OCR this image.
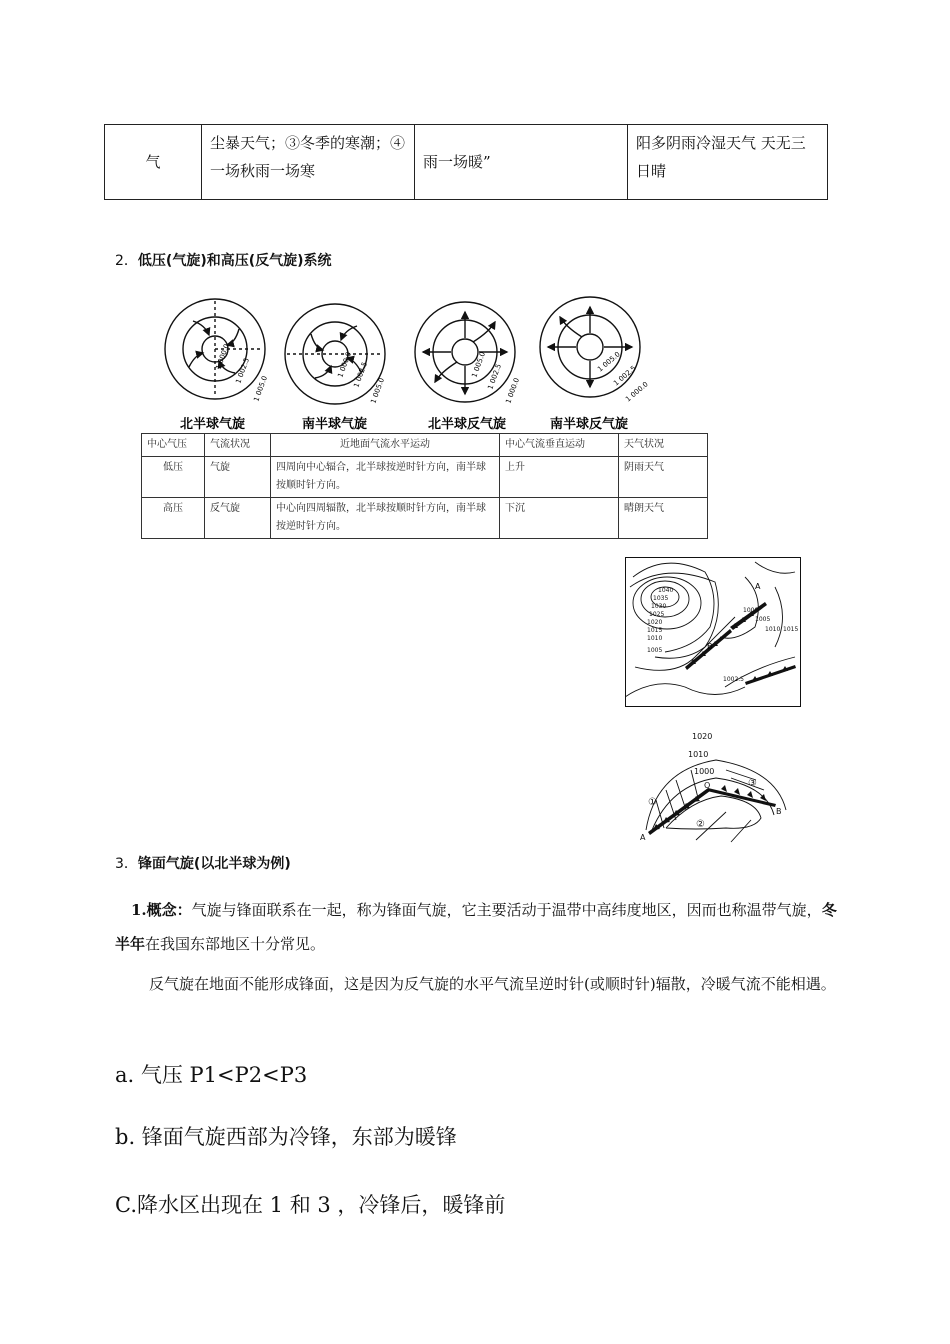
气	尘暴天气；③冬季的寒潮；④一场秋雨一场寒	雨一场暖”	阳多阴雨冷湿天气 天无三日晴
2．低压(气旋)和高压(反气旋)系统
1 000.0
1 002.5
1 005.0
1 000.0 1 002.5
1 005.0
1 005.0 1 002.5
1 000.0
1 005.0
1 002.5
1 000.0
北半球气旋	南半球气旋	北半球反气旋	南半球反气旋
中心气压	气流状况	近地面气流水平运动	中心气流垂直运动	天气状况
低压	气旋	四周向中心辐合，北半球按逆时针方向，南半球按顺时针方向。	上升	阴雨天气
高压	反气旋	中心向四周辐散，北半球按顺时针方向，南半球按逆时针方向。	下沉	晴朗天气
1040
1035
1030
1025
1020
1015
1010
1005
1000
1005
1010 1015
1002.5
A
B
1020
1010
1000
①
②
③
O
A
B
3．锋面气旋(以北半球为例)
1.概念：气旋与锋面联系在一起，称为锋面气旋，它主要活动于温带中高纬度地区，因而也称温带气旋，冬半年在我国东部地区十分常见。
反气旋在地面不能形成锋面，这是因为反气旋的水平气流呈逆时针(或顺时针)辐散，冷暖气流不能相遇。
a. 气压 P1<P2<P3
b. 锋面气旋西部为冷锋，东部为暖锋
C.降水区出现在 1 和 3 ，冷锋后，暖锋前
